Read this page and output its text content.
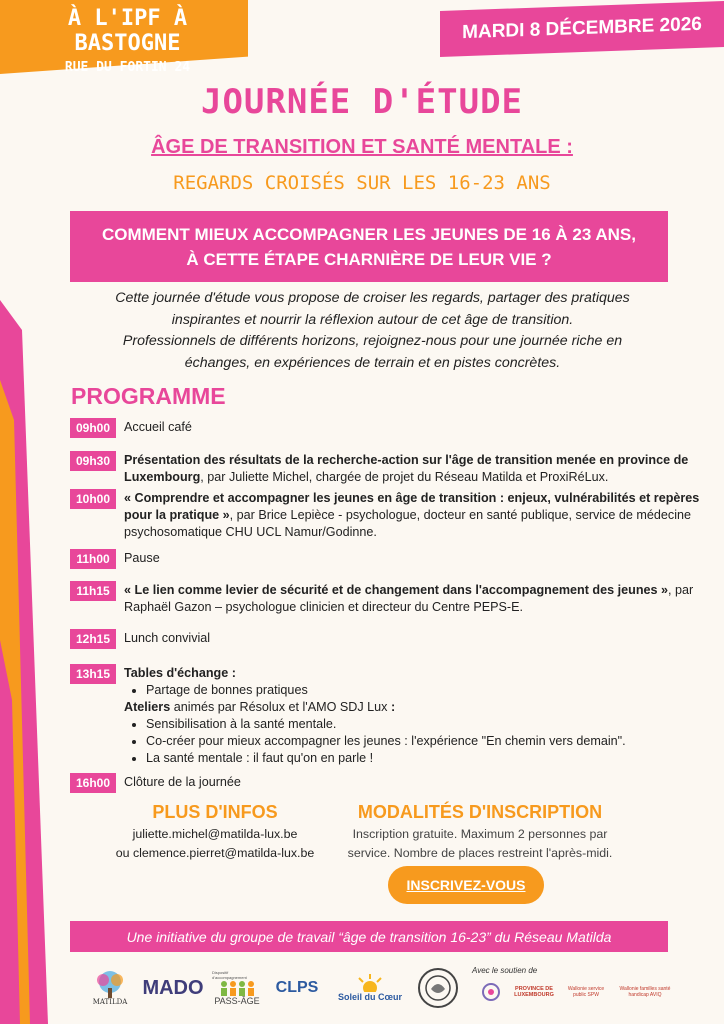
À L'IPF À BASTOGNE
RUE DU FORTIN 24
MARDI 8 DÉCEMBRE 2026
JOURNÉE D'ÉTUDE
ÂGE DE TRANSITION ET SANTÉ MENTALE :
REGARDS CROISÉS SUR LES 16-23 ANS
COMMENT MIEUX ACCOMPAGNER LES JEUNES DE 16 À 23 ANS,
À CETTE ÉTAPE CHARNIÈRE DE LEUR VIE ?
Cette journée d'étude vous propose de croiser les regards, partager des pratiques
inspirantes et nourrir la réflexion autour de cet âge de transition.
Professionnels de différents horizons, rejoignez-nous pour une journée riche en
échanges, en expériences de terrain et en pistes concrètes.
PROGRAMME
09h00	Accueil café
09h30	Présentation des résultats de la recherche-action sur l'âge de transition menée en province de Luxembourg, par Juliette Michel, chargée de projet du Réseau Matilda et ProxiRéLux.
10h00	« Comprendre et accompagner les jeunes en âge de transition : enjeux, vulnérabilités et repères pour la pratique », par Brice Lepièce - psychologue, docteur en santé publique, service de médecine psychosomatique CHU UCL Namur/Godinne.
11h00	Pause
11h15	« Le lien comme levier de sécurité et de changement dans l'accompagnement des jeunes », par Raphaël Gazon – psychologue clinicien et directeur du Centre PEPS-E.
12h15	Lunch convivial
13h15	Tables d'échange :
• Partage de bonnes pratiques
Ateliers animés par Résolux et l'AMO SDJ Lux :
• Sensibilisation à la santé mentale.
• Co-créer pour mieux accompagner les jeunes : l'expérience "En chemin vers demain".
• La santé mentale : il faut qu'on en parle !
16h00	Clôture de la journée
PLUS D'INFOS
juliette.michel@matilda-lux.be
ou clemence.pierret@matilda-lux.be
MODALITÉS D'INSCRIPTION
Inscription gratuite. Maximum 2 personnes par
service. Nombre de places restreint l'après-midi.
INSCRIVEZ-VOUS
Une initiative du groupe de travail “âge de transition 16-23” du Réseau Matilda
MATILDA
MADO
Dispositif d'accompagnement
PASS-ÂGE
CLPS
Soleil du Cœur
Avec le soutien de
PROVINCE DE LUXEMBOURG
Wallonie service public SPW
Wallonie familles santé handicap AVIQ
